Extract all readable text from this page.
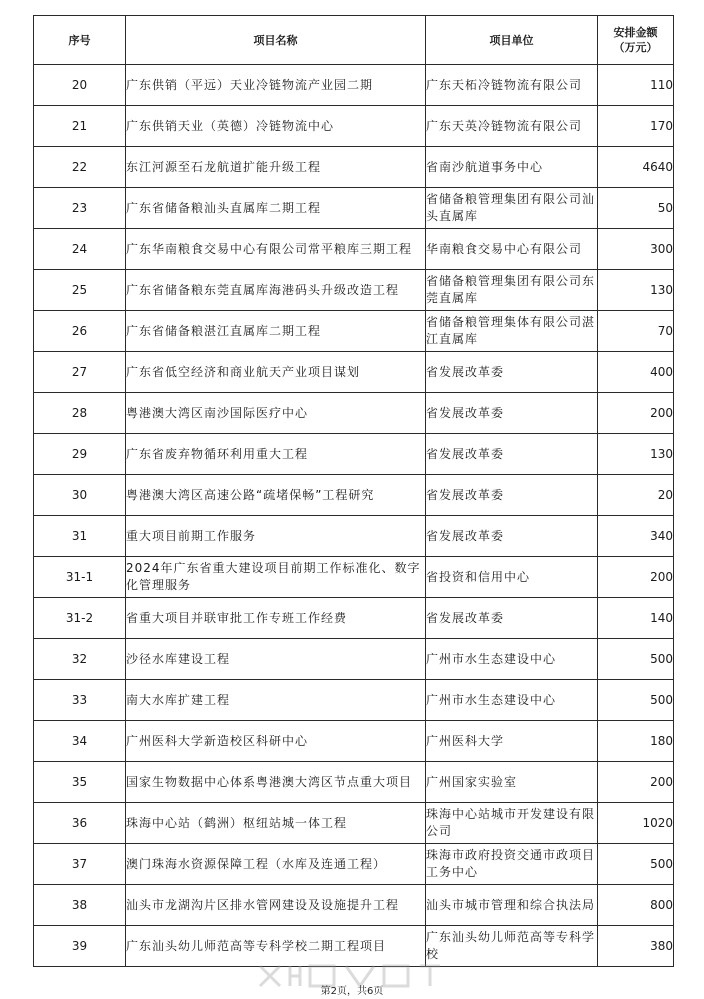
序号	项目名称	项目单位	安排金额
（万元）

20	广东供销（平远）天业冷链物流产业园二期	广东天柘冷链物流有限公司	110
21	广东供销天业（英德）冷链物流中心	广东天英冷链物流有限公司	170
22	东江河源至石龙航道扩能升级工程	省南沙航道事务中心	4640
23	广东省储备粮汕头直属库二期工程	省储备粮管理集团有限公司汕头直属库	50
24	广东华南粮食交易中心有限公司常平粮库三期工程	华南粮食交易中心有限公司	300
25	广东省储备粮东莞直属库海港码头升级改造工程	省储备粮管理集团有限公司东莞直属库	130
26	广东省储备粮湛江直属库二期工程	省储备粮管理集体有限公司湛江直属库	70
27	广东省低空经济和商业航天产业项目谋划	省发展改革委	400
28	粤港澳大湾区南沙国际医疗中心	省发展改革委	200
29	广东省废弃物循环利用重大工程	省发展改革委	130
30	粤港澳大湾区高速公路“疏堵保畅”工程研究	省发展改革委	20
31	重大项目前期工作服务	省发展改革委	340
31-1	2024年广东省重大建设项目前期工作标准化、数字化管理服务	省投资和信用中心	200
31-2	省重大项目并联审批工作专班工作经费	省发展改革委	140
32	沙径水库建设工程	广州市水生态建设中心	500
33	南大水库扩建工程	广州市水生态建设中心	500
34	广州医科大学新造校区科研中心	广州医科大学	180
35	国家生物数据中心体系粤港澳大湾区节点重大项目	广州国家实验室	200
36	珠海中心站（鹤洲）枢纽站城一体工程	珠海中心站城市开发建设有限公司	1020
37	澳门珠海水资源保障工程（水库及连通工程）	珠海市政府投资交通市政项目工务中心	500
38	汕头市龙湖沟片区排水管网建设及设施提升工程	汕头市城市管理和综合执法局	800
39	广东汕头幼儿师范高等专科学校二期工程项目	广东汕头幼儿师范高等专科学校	380
第2页，共6页
